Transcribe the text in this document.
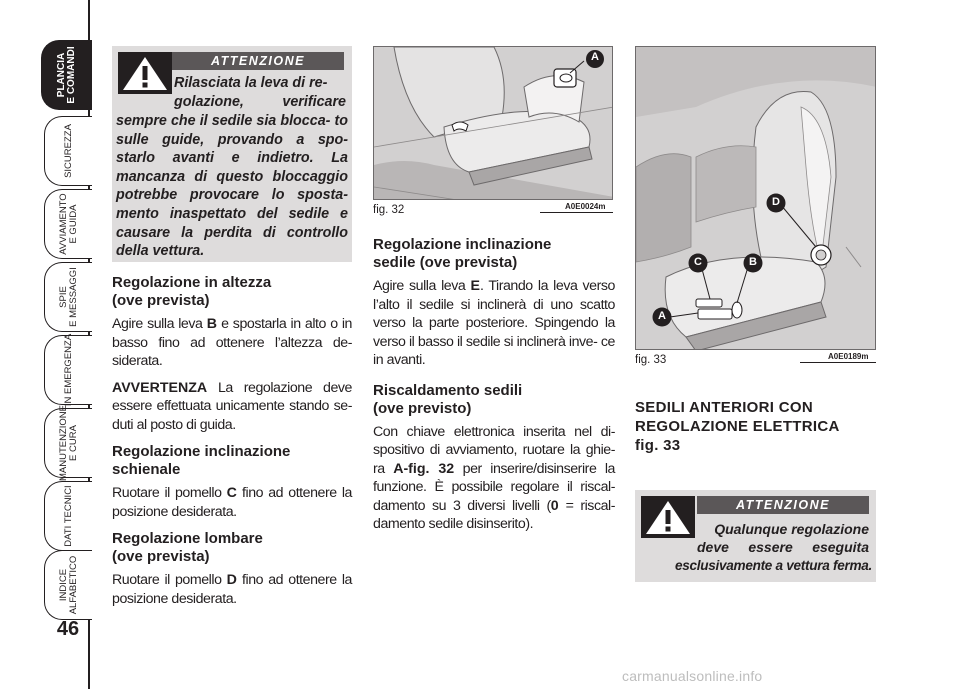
PLANCIA
E COMANDI
SICUREZZA
AVVIAMENTO
E GUIDA
SPIE
E MESSAGGI
IN EMERGENZA
MANUTENZIONE
E CURA
DATI TECNICI
INDICE
ALFABETICO
46
ATTENZIONE
Rilasciata la leva di re-
golazione, verificare
sempre che il sedile sia blocca- to sulle guide, provando a spo- starlo avanti e indietro. La mancanza di questo bloccaggio potrebbe provocare lo sposta- mento inaspettato del sedile e causare la perdita di controllo della vettura.
Regolazione in altezza
(ove prevista)
Agire sulla leva B e spostarla in alto o in basso fino ad ottenere l’altezza de- siderata.
AVVERTENZA La regolazione deve essere effettuata unicamente stando se- duti al posto di guida.
Regolazione inclinazione
schienale
Ruotare il pomello C fino ad ottenere la posizione desiderata.
Regolazione lombare
(ove prevista)
Ruotare il pomello D fino ad ottenere la posizione desiderata.
A
fig. 32	A0E0024m
Regolazione inclinazione
sedile (ove prevista)
Agire sulla leva E. Tirando la leva verso l’alto il sedile si inclinerà di uno scatto verso la parte posteriore. Spingendo la verso il basso il sedile si inclinerà inve- ce in avanti.
Riscaldamento sedili
(ove previsto)
Con chiave elettronica inserita nel di- spositivo di avviamento, ruotare la ghie- ra A-fig. 32 per inserire/disinserire la funzione. È possibile regolare il riscal- damento su 3 diversi livelli (0 = riscal- damento sedile disinserito).
D
C	B
A
fig. 33	A0E0189m
SEDILI ANTERIORI CON
REGOLAZIONE ELETTRICA
fig. 33
ATTENZIONE
Qualunque regolazione
deve essere eseguita
esclusivamente a vettura ferma.
carmanualsonline.info
